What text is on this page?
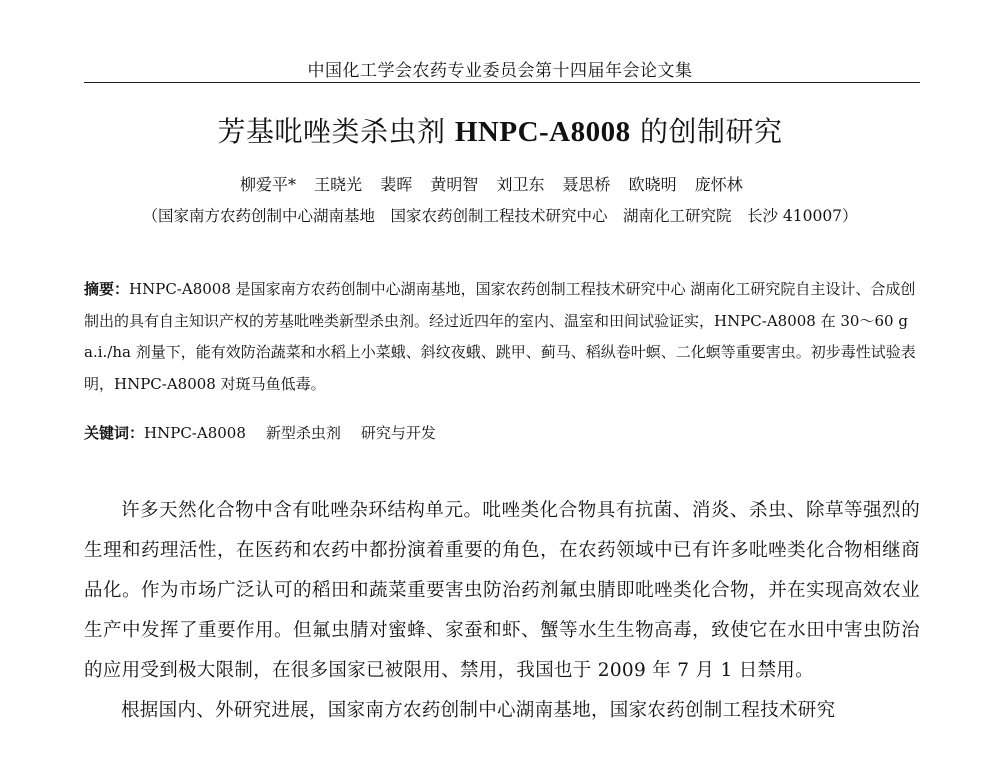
中国化工学会农药专业委员会第十四届年会论文集
芳基吡唑类杀虫剂 HNPC-A8008 的创制研究
柳爱平* 王晓光 裴晖 黄明智 刘卫东 聂思桥 欧晓明 庞怀林
（国家南方农药创制中心湖南基地　国家农药创制工程技术研究中心　湖南化工研究院　长沙 410007）
摘要：HNPC-A8008 是国家南方农药创制中心湖南基地，国家农药创制工程技术研究中心 湖南化工研究院自主设计、合成创制出的具有自主知识产权的芳基吡唑类新型杀虫剂。经过近四年的室内、温室和田间试验证实，HNPC-A8008 在 30～60 g a.i./ha 剂量下，能有效防治蔬菜和水稻上小菜蛾、斜纹夜蛾、跳甲、蓟马、稻纵卷叶螟、二化螟等重要害虫。初步毒性试验表明，HNPC-A8008 对斑马鱼低毒。
关键词：HNPC-A8008 新型杀虫剂 研究与开发

许多天然化合物中含有吡唑杂环结构单元。吡唑类化合物具有抗菌、消炎、杀虫、除草等强烈的生理和药理活性，在医药和农药中都扮演着重要的角色，在农药领域中已有许多吡唑类化合物相继商品化。作为市场广泛认可的稻田和蔬菜重要害虫防治药剂氟虫腈即吡唑类化合物，并在实现高效农业生产中发挥了重要作用。但氟虫腈对蜜蜂、家蚕和虾、蟹等水生生物高毒，致使它在水田中害虫防治的应用受到极大限制，在很多国家已被限用、禁用，我国也于 2009 年 7 月 1 日禁用。

根据国内、外研究进展，国家南方农药创制中心湖南基地，国家农药创制工程技术研究
